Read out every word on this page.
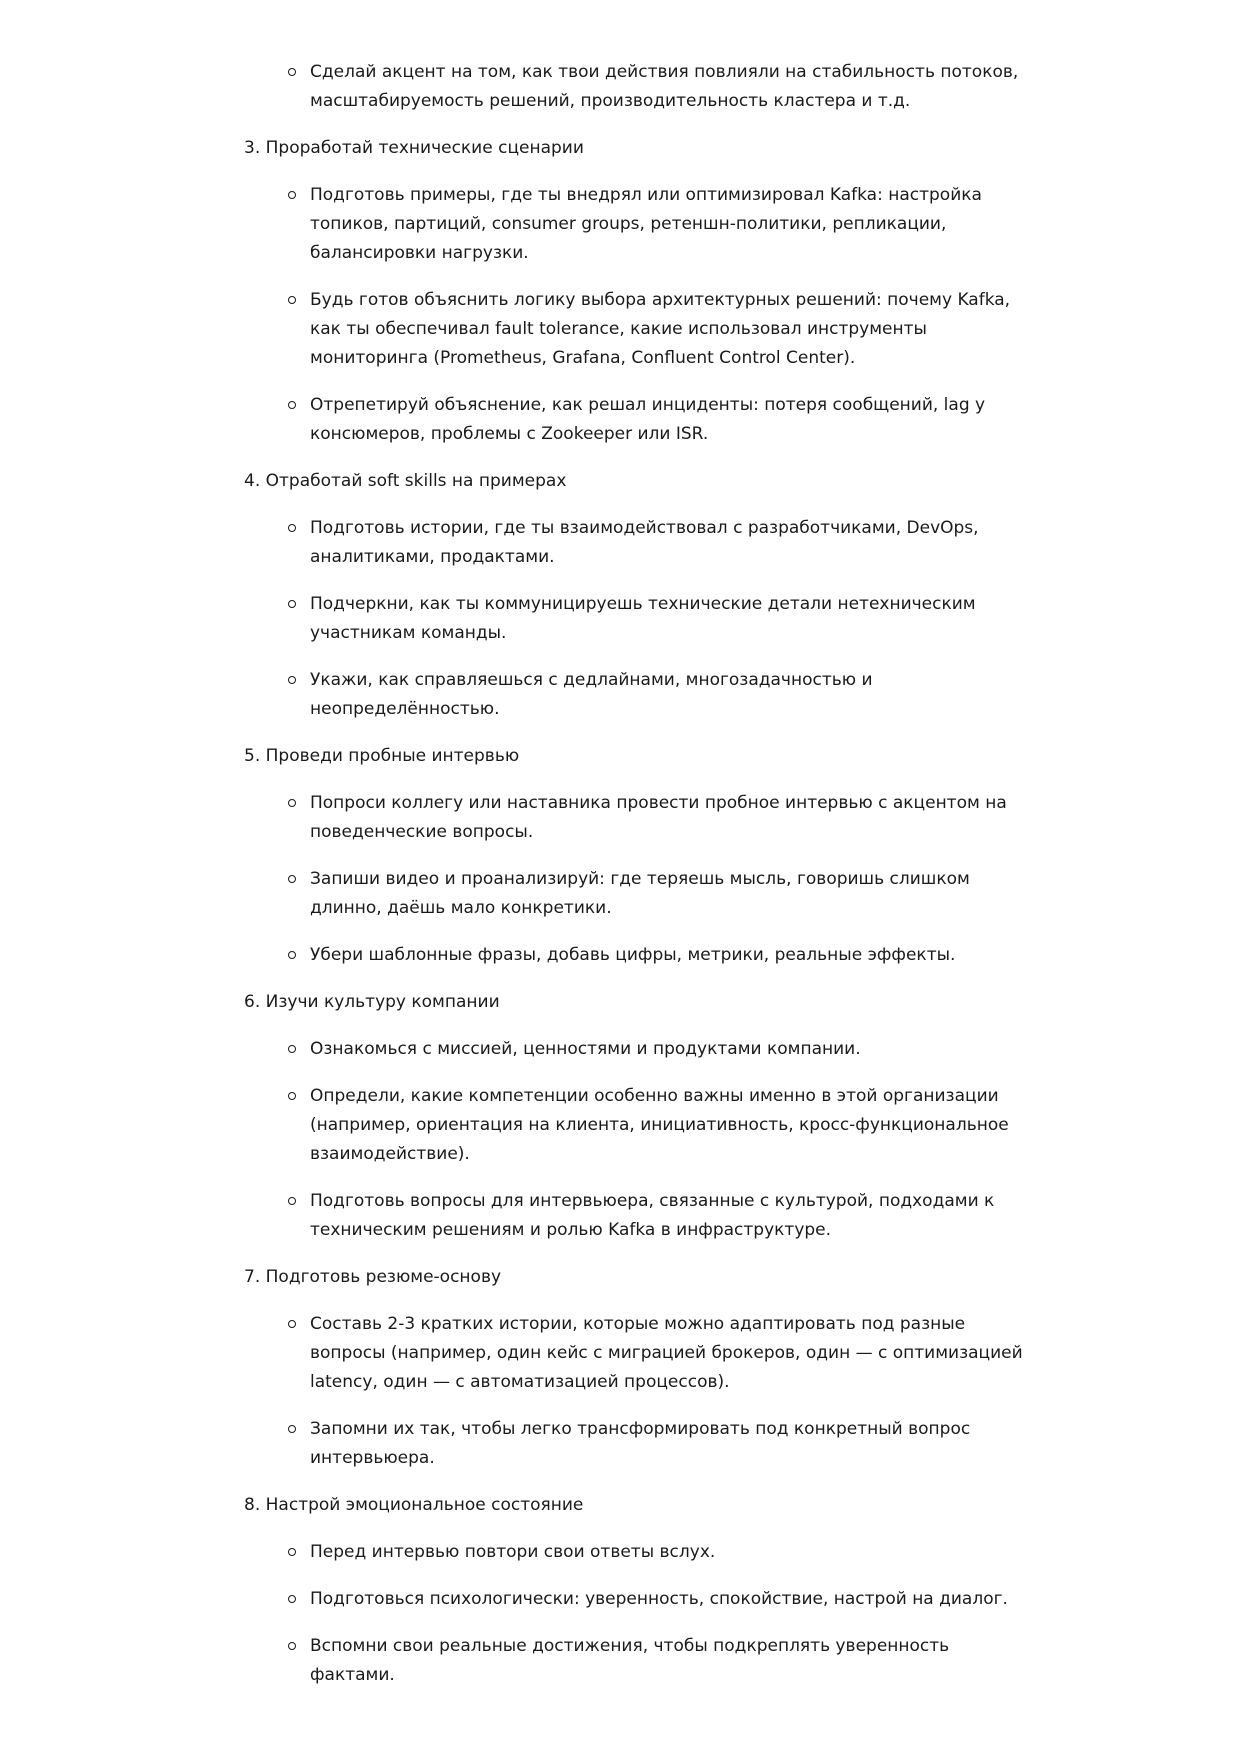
Сделай акцент на том, как твои действия повлияли на стабильность потоков, масштабируемость решений, производительность кластера и т.д.
3. Проработай технические сценарии
Подготовь примеры, где ты внедрял или оптимизировал Kafka: настройка топиков, партиций, consumer groups, ретеншн-политики, репликации, балансировки нагрузки.
Будь готов объяснить логику выбора архитектурных решений: почему Kafka, как ты обеспечивал fault tolerance, какие использовал инструменты мониторинга (Prometheus, Grafana, Confluent Control Center).
Отрепетируй объяснение, как решал инциденты: потеря сообщений, lag у консюмеров, проблемы с Zookeeper или ISR.
4. Отработай soft skills на примерах
Подготовь истории, где ты взаимодействовал с разработчиками, DevOps, аналитиками, продактами.
Подчеркни, как ты коммуницируешь технические детали нетехническим участникам команды.
Укажи, как справляешься с дедлайнами, многозадачностью и неопределённостью.
5. Проведи пробные интервью
Попроси коллегу или наставника провести пробное интервью с акцентом на поведенческие вопросы.
Запиши видео и проанализируй: где теряешь мысль, говоришь слишком длинно, даёшь мало конкретики.
Убери шаблонные фразы, добавь цифры, метрики, реальные эффекты.
6. Изучи культуру компании
Ознакомься с миссией, ценностями и продуктами компании.
Определи, какие компетенции особенно важны именно в этой организации (например, ориентация на клиента, инициативность, кросс-функциональное взаимодействие).
Подготовь вопросы для интервьюера, связанные с культурой, подходами к техническим решениям и ролью Kafka в инфраструктуре.
7. Подготовь резюме-основу
Составь 2-3 кратких истории, которые можно адаптировать под разные вопросы (например, один кейс с миграцией брокеров, один — с оптимизацией latency, один — с автоматизацией процессов).
Запомни их так, чтобы легко трансформировать под конкретный вопрос интервьюера.
8. Настрой эмоциональное состояние
Перед интервью повтори свои ответы вслух.
Подготовься психологически: уверенность, спокойствие, настрой на диалог.
Вспомни свои реальные достижения, чтобы подкреплять уверенность фактами.
